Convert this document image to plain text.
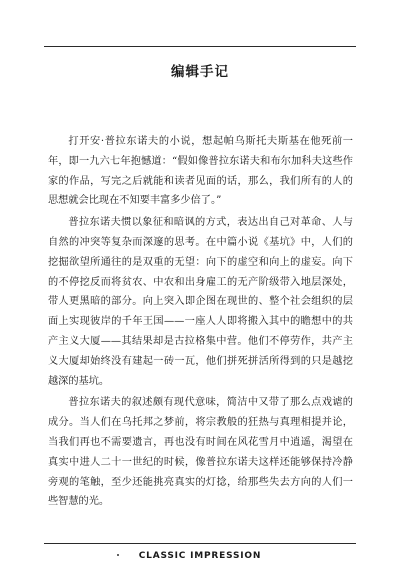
编辑手记

打开安·普拉东诺夫的小说，想起帕乌斯托夫斯基在他死前一年，即一九六七年抱憾道：“假如像普拉东诺夫和布尔加科夫这些作家的作品，写完之后就能和读者见面的话，那么，我们所有的人的思想就会比现在不知要丰富多少倍了。”

普拉东诺夫惯以象征和暗讽的方式，表达出自己对革命、人与自然的冲突等复杂而深邃的思考。在中篇小说《基坑》中，人们的挖掘欲望所通往的是双重的无望：向下的虚空和向上的虚妄。向下的不停挖反而将贫农、中农和出身雇工的无产阶级带入地层深处，带人更黑暗的部分。向上突入即企图在现世的、整个社会组织的层面上实现彼岸的千年王国——一座人人即将搬入其中的瞻想中的共产主义大厦——其结果却是古拉格集中营。他们不停劳作，共产主义大厦却始终没有建起一砖一瓦，他们拼死拼活所得到的只是越挖越深的基坑。

普拉东诺夫的叙述颇有现代意味，简洁中又带了那么点戏谑的成分。当人们在乌托邦之梦前，将宗教般的狂热与真理相提并论，当我们再也不需要遗言，再也没有时间在风花雪月中逍遥，渴望在真实中进人二十一世纪的时候，像普拉东诺夫这样还能够保持冷静旁观的笔触，至少还能挑亮真实的灯捻，给那些失去方向的人们一些智慧的光。

CLASSIC IMPRESSION
